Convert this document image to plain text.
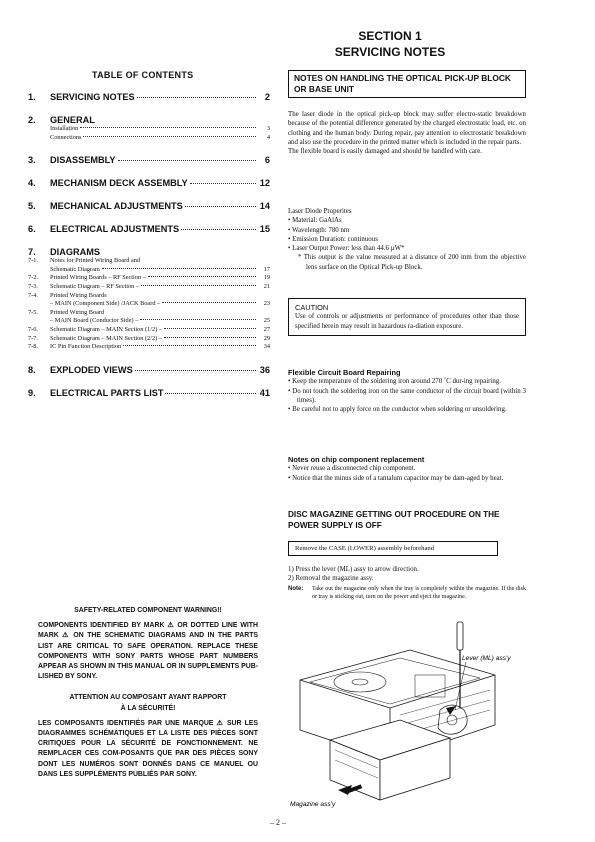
TABLE OF CONTENTS
1.	SERVICING NOTES	2
2.	GENERAL
Installation	3
Connections	4
3.	DISASSEMBLY	6
4.	MECHANISM DECK ASSEMBLY	12
5.	MECHANICAL ADJUSTMENTS	14
6.	ELECTRICAL ADJUSTMENTS	15
7.	DIAGRAMS
7-1.	Notes for Printed Wiring Board and
Schematic Diagram	17
7-2.	Printed Wiring Boards – RF Section –	19
7-3.	Schematic Diagram – RF Section –	21
7-4.	Printed Wiring Boards
– MAIN (Component Side) /JACK Board –	23
7-5.	Printed Wiring Board
– MAIN Board (Conductor Side) –	25
7-6.	Schematic Diagram – MAIN Section (1/2) –	27
7-7.	Schematic Diagram – MAIN Section (2/2) –	29
7-8.	IC Pin Function Description	34
8.	EXPLODED VIEWS	36
9.	ELECTRICAL PARTS LIST	41
SAFETY-RELATED COMPONENT WARNING!!
COMPONENTS IDENTIFIED BY MARK ⚠ OR DOTTED LINE WITH MARK ⚠ ON THE SCHEMATIC DIAGRAMS AND IN THE PARTS LIST ARE CRITICAL TO SAFE OPERATION. REPLACE THESE COMPONENTS WITH SONY PARTS WHOSE PART NUMBERS APPEAR AS SHOWN IN THIS MANUAL OR IN SUPPLEMENTS PUB-LISHED BY SONY.
ATTENTION AU COMPOSANT AYANT RAPPORT
À LA SÉCURITÉ!
LES COMPOSANTS IDENTIFIÉS PAR UNE MARQUE ⚠ SUR LES DIAGRAMMES SCHÉMATIQUES ET LA LISTE DES PIÈCES SONT CRITIQUES POUR LA SÉCURITÉ DE FONCTIONNEMENT. NE REMPLACER CES COM-POSANTS QUE PAR DES PIÈCES SONY DONT LES NUMÉROS SONT DONNÉS DANS CE MANUEL OU DANS LES SUPPLÉMENTS PUBLIÉS PAR SONY.
SECTION 1
SERVICING NOTES
NOTES ON HANDLING THE OPTICAL PICK-UP BLOCK OR BASE UNIT
The laser diode in the optical pick-up block may suffer electro-static breakdown because of the potential difference generated by the charged electrostatic load, etc. on clothing and the human body. During repair, pay attention to electrostatic breakdown and also use the procedure in the printed matter which is included in the repair parts.
The flexible board is easily damaged and should be handled with care.
Laser Diode Properites
• Material: GaAlAs
• Wavelength: 780 nm
• Emission Duration: continuous
• Laser Output Power: less than 44.6 µW*
* This output is the value measured at a distance of 200 mm from the objective lens surface on the Optical Pick-up Block.
CAUTION
Use of controls or adjustments or performance of procedures other than those specified herein may result in hazardous ra-diation exposure.
Flexible Circuit Board Repairing
• Keep the temperature of the soldering iron around 270 ˚C dur-ing repairing.
• Do not touch the soldering iron on the same conductor of the circuit board (within 3 times).
• Be careful not to apply force on the conductor when soldering or unsoldering.
Notes on chip component replacement
• Never reuse a disconnected chip component.
• Notice that the minus side of a tantalum capacitor may be dam-aged by heat.
DISC MAGAZINE GETTING OUT PROCEDURE ON THE POWER SUPPLY IS OFF
Remove the CASE (LOWER) assembly beforehand
1) Press the lever (ML) assy to arrow direction.
2) Removal the magazine assy.
Note:	Take out the magazine only when the tray is completely within the magazine. If the disk or tray is sticking out, turn on the power and eject the magazine.
Lever (ML) ass'y
Magazine ass'y
– 2 –
